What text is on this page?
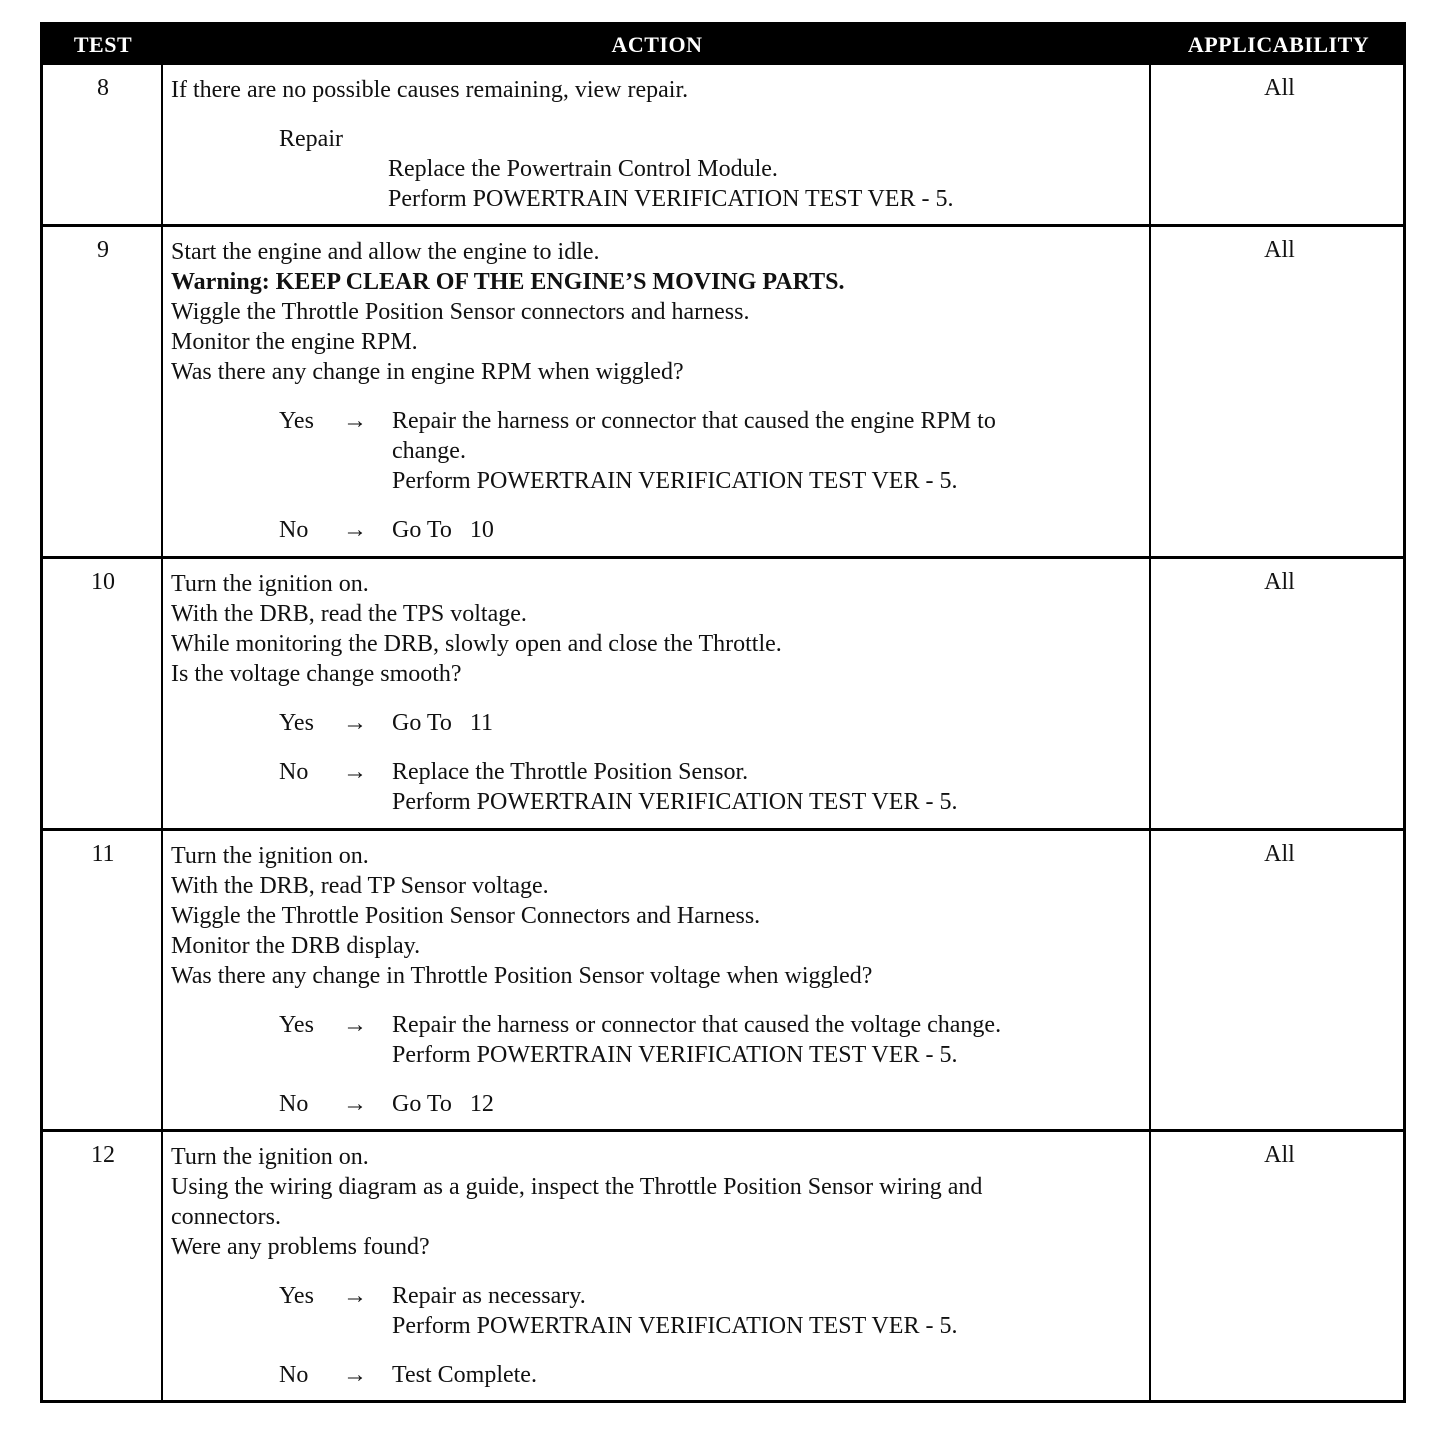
TEST	ACTION	APPLICABILITY
8	If there are no possible causes remaining, view repair.
Repair
Replace the Powertrain Control Module.
Perform POWERTRAIN VERIFICATION TEST VER - 5.
All
9	Start the engine and allow the engine to idle.
Warning: KEEP CLEAR OF THE ENGINE’S MOVING PARTS.
Wiggle the Throttle Position Sensor connectors and harness.
Monitor the engine RPM.
Was there any change in engine RPM when wiggled?
Yes → Repair the harness or connector that caused the engine RPM to
change.
Perform POWERTRAIN VERIFICATION TEST VER - 5.
No → Go To   10
All
10	Turn the ignition on.
With the DRB, read the TPS voltage.
While monitoring the DRB, slowly open and close the Throttle.
Is the voltage change smooth?
Yes → Go To   11
No → Replace the Throttle Position Sensor.
Perform POWERTRAIN VERIFICATION TEST VER - 5.
All
11	Turn the ignition on.
With the DRB, read TP Sensor voltage.
Wiggle the Throttle Position Sensor Connectors and Harness.
Monitor the DRB display.
Was there any change in Throttle Position Sensor voltage when wiggled?
Yes → Repair the harness or connector that caused the voltage change.
Perform POWERTRAIN VERIFICATION TEST VER - 5.
No → Go To   12
All
12	Turn the ignition on.
Using the wiring diagram as a guide, inspect the Throttle Position Sensor wiring and
connectors.
Were any problems found?
Yes → Repair as necessary.
Perform POWERTRAIN VERIFICATION TEST VER - 5.
No → Test Complete.
All
